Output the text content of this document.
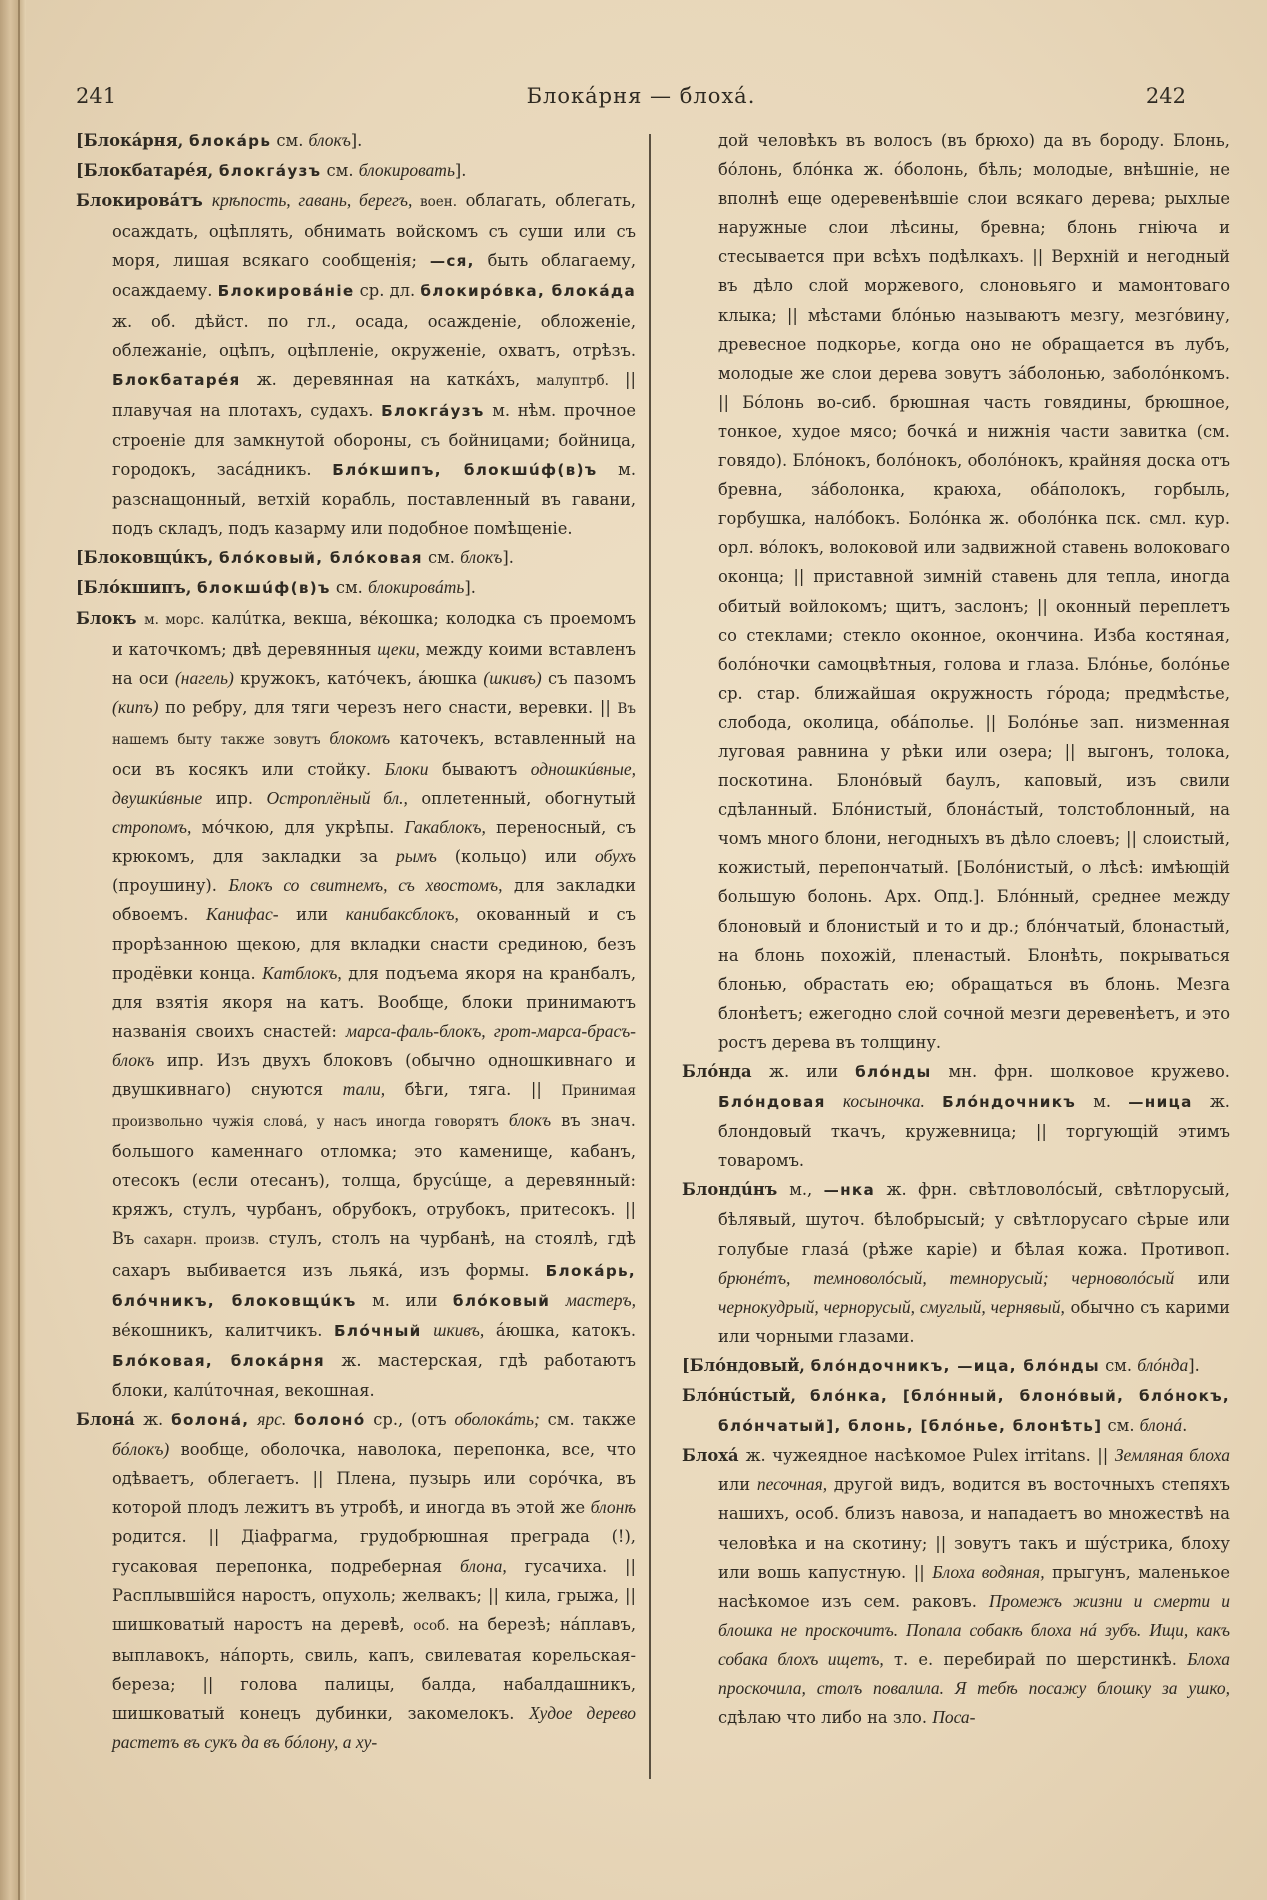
241	Блокáрня — блохá.	242

[Блокáрня, блокáрь см. блокъ].

[Блокбатарéя, блокгáузъ см. блокировать].

Блокировáтъ крѣпость, гавань, берегъ, воен. облагать, облегать, осаждать, оцѣплять, обнимать войскомъ съ суши или съ моря, лишая всякаго сообщенія; —ся, быть облагаему, осаждаему. Блокировáніе ср. дл. блокирóвка, блокáда ж. об. дѣйст. по гл., осада, осажденіе, обложеніе, облежаніе, оцѣпъ, оцѣпленіе, окруженіе, охватъ, отрѣзъ. Блокбатарéя ж. деревянная на каткáхъ, малуптрб. || плавучая на плотахъ, судахъ. Блокгáузъ м. нѣм. прочное строеніе для замкнутой обороны, съ бойницами; бойница, городокъ, засáдникъ. Блóкшипъ, блокшúф(в)ъ м. разснащонный, ветхій корабль, поставленный въ гавани, подъ складъ, подъ казарму или подобное помѣщеніе.

[Блоковщúкъ, блóковый, блóковая см. блокъ].

[Блóкшипъ, блокшúф(в)ъ см. блокировáть].

Блокъ м. морс. калúтка, векша, вéкошка; колодка съ проемомъ и каточкомъ; двѣ деревянныя щеки, между коими вставленъ на оси (нагель) кружокъ, катóчекъ, áюшка (шкивъ) съ пазомъ (кипъ) по ребру, для тяги черезъ него снасти, веревки. || Въ нашемъ быту также зовутъ блокомъ каточекъ, вставленный на оси въ косякъ или стойку. Блоки бываютъ одношкúвные, двушкúвные ипр. Остроплёный бл., оплетенный, обогнутый стропомъ, мóчкою, для укрѣпы. Гакаблокъ, переносный, съ крюкомъ, для закладки за рымъ (кольцо) или обухъ (проушину). Блокъ со свитнемъ, съ хвостомъ, для закладки обвоемъ. Канифас- или канибаксблокъ, окованный и съ прорѣзанною щекою, для вкладки снасти срединою, безъ продёвки конца. Катблокъ, для подъема якоря на кранбалъ, для взятія якоря на катъ. Вообще, блоки принимаютъ названія своихъ снастей: марса-фаль-блокъ, грот-марса-брасъ-блокъ ипр. Изъ двухъ блоковъ (обычно одношкивнаго и двушкивнаго) снуются тали, бѣги, тяга. || Принимая произвольно чужія словá, у насъ иногда говорятъ блокъ въ знач. большого каменнаго отломка; это каменище, кабанъ, отесокъ (если отесанъ), толща, брусúще, а деревянный: кряжъ, стулъ, чурбанъ, обрубокъ, отрубокъ, притесокъ. || Въ сахарн. произв. стулъ, столъ на чурбанѣ, на стоялѣ, гдѣ сахаръ выбивается изъ льякá, изъ формы. Блокáрь, блóчникъ, блоковщúкъ м. или блóковый мастеръ, вéкошникъ, калитчикъ. Блóчный шкивъ, áюшка, катокъ. Блóковая, блокáрня ж. мастерская, гдѣ работаютъ блоки, калúточная, векошная.

Блонá ж. болонá, ярс. болонó ср., (отъ оболокáть; см. также бóлокъ) вообще, оболочка, наволока, перепонка, все, что одѣваетъ, облегаетъ. || Плена, пузырь или сорóчка, въ которой плодъ лежитъ въ утробѣ, и иногда въ этой же блонѣ родится. || Діафрагма, грудобрюшная преграда (!), гусаковая перепонка, подреберная блона, гусачиха. || Расплывшійся наростъ, опухоль; желвакъ; || кила, грыжа, || шишковатый наростъ на деревѣ, особ. на березѣ; нáплавъ, выплавокъ, нáпорть, свиль, капъ, свилеватая корельская-береза; || голова палицы, балда, набалдашникъ, шишковатый конецъ дубинки, закомелокъ. Худое дерево растетъ въ сукъ да въ бóлону, а ху-

дой человѣкъ въ волосъ (въ брюхо) да въ бороду. Блонь, бóлонь, блóнка ж. óболонь, бѣль; молодые, внѣшніе, не вполнѣ еще одеревенѣвшіе слои всякаго дерева; рыхлые наружные слои лѣсины, бревна; блонь гніюча и стесывается при всѣхъ подѣлкахъ. || Верхній и негодный въ дѣло слой моржевого, слоновьяго и мамонтоваго клыка; || мѣстами блóнью называютъ мезгу, мезгóвину, древесное подкорье, когда оно не обращается въ лубъ, молодые же слои дерева зовутъ зáболонью, заболóнкомъ. || Бóлонь во-сиб. брюшная часть говядины, брюшное, тонкое, худое мясо; бочкá и нижнія части завитка (см. говядо). Блóнокъ, болóнокъ, оболóнокъ, крайняя доска отъ бревна, зáболонка, краюха, обáполокъ, горбыль, горбушка, налóбокъ. Болóнка ж. оболóнка пск. смл. кур. орл. вóлокъ, волоковой или задвижной ставень волоковаго оконца; || приставной зимній ставень для тепла, иногда обитый войлокомъ; щитъ, заслонъ; || оконный переплетъ со стеклами; стекло оконное, окончина. Изба костяная, болóночки самоцвѣтныя, голова и глаза. Блóнье, болóнье ср. стар. ближайшая окружность гóрода; предмѣстье, слобода, околица, обáполье. || Болóнье зап. низменная луговая равнина у рѣки или озера; || выгонъ, толока, поскотина. Блонóвый баулъ, каповый, изъ свили сдѣланный. Блóнистый, блонáстый, толстоблонный, на чомъ много блони, негодныхъ въ дѣло слоевъ; || слоистый, кожистый, перепончатый. [Болóнистый, о лѣсѣ: имѣющій большую болонь. Арх. Опд.]. Блóнный, среднее между блоновый и блонистый и то и др.; блóнчатый, блонастый, на блонь похожій, пленастый. Блонѣть, покрываться блонью, обрастать ею; обращаться въ блонь. Мезга блонѣетъ; ежегодно слой сочной мезги деревенѣетъ, и это ростъ дерева въ толщину.

Блóнда ж. или блóнды мн. фрн. шолковое кружево. Блóндовая косыночка. Блóндочникъ м. —ница ж. блондовый ткачъ, кружевница; || торгующій этимъ товаромъ.

Блондúнъ м., —нка ж. фрн. свѣтловолóсый, свѣтлорусый, бѣлявый, шуточ. бѣлобрысый; у свѣтлорусаго сѣрые или голубые глазá (рѣже каріе) и бѣлая кожа. Противоп. брюнéтъ, темноволóсый, темнорусый; черноволóсый или чернокудрый, чернорусый, смуглый, чернявый, обычно съ карими или чорными глазами.

[Блóндовый, блóндочникъ, —ица, блóнды см. блóнда].

Блóнúстый, блóнка, [блóнный, блонóвый, блóнокъ, блóнчатый], блонь, [блóнье, блонѣть] см. блонá.

Блохá ж. чужеядное насѣкомое Pulex irritans. || Земляная блоха или песочная, другой видъ, водится въ восточныхъ степяхъ нашихъ, особ. близъ навоза, и нападаетъ во множествѣ на человѣка и на скотину; || зовутъ такъ и шýстрика, блоху или вошь капустную. || Блоха водяная, прыгунъ, маленькое насѣкомое изъ сем. раковъ. Промежъ жизни и смерти и блошка не проскочитъ. Попала собакѣ блоха нá зубъ. Ищи, какъ собака блохъ ищетъ, т. е. перебирай по шерстинкѣ. Блоха проскочила, столъ повалила. Я тебѣ посажу блошку за ушко, сдѣлаю что либо на зло. Поса-
